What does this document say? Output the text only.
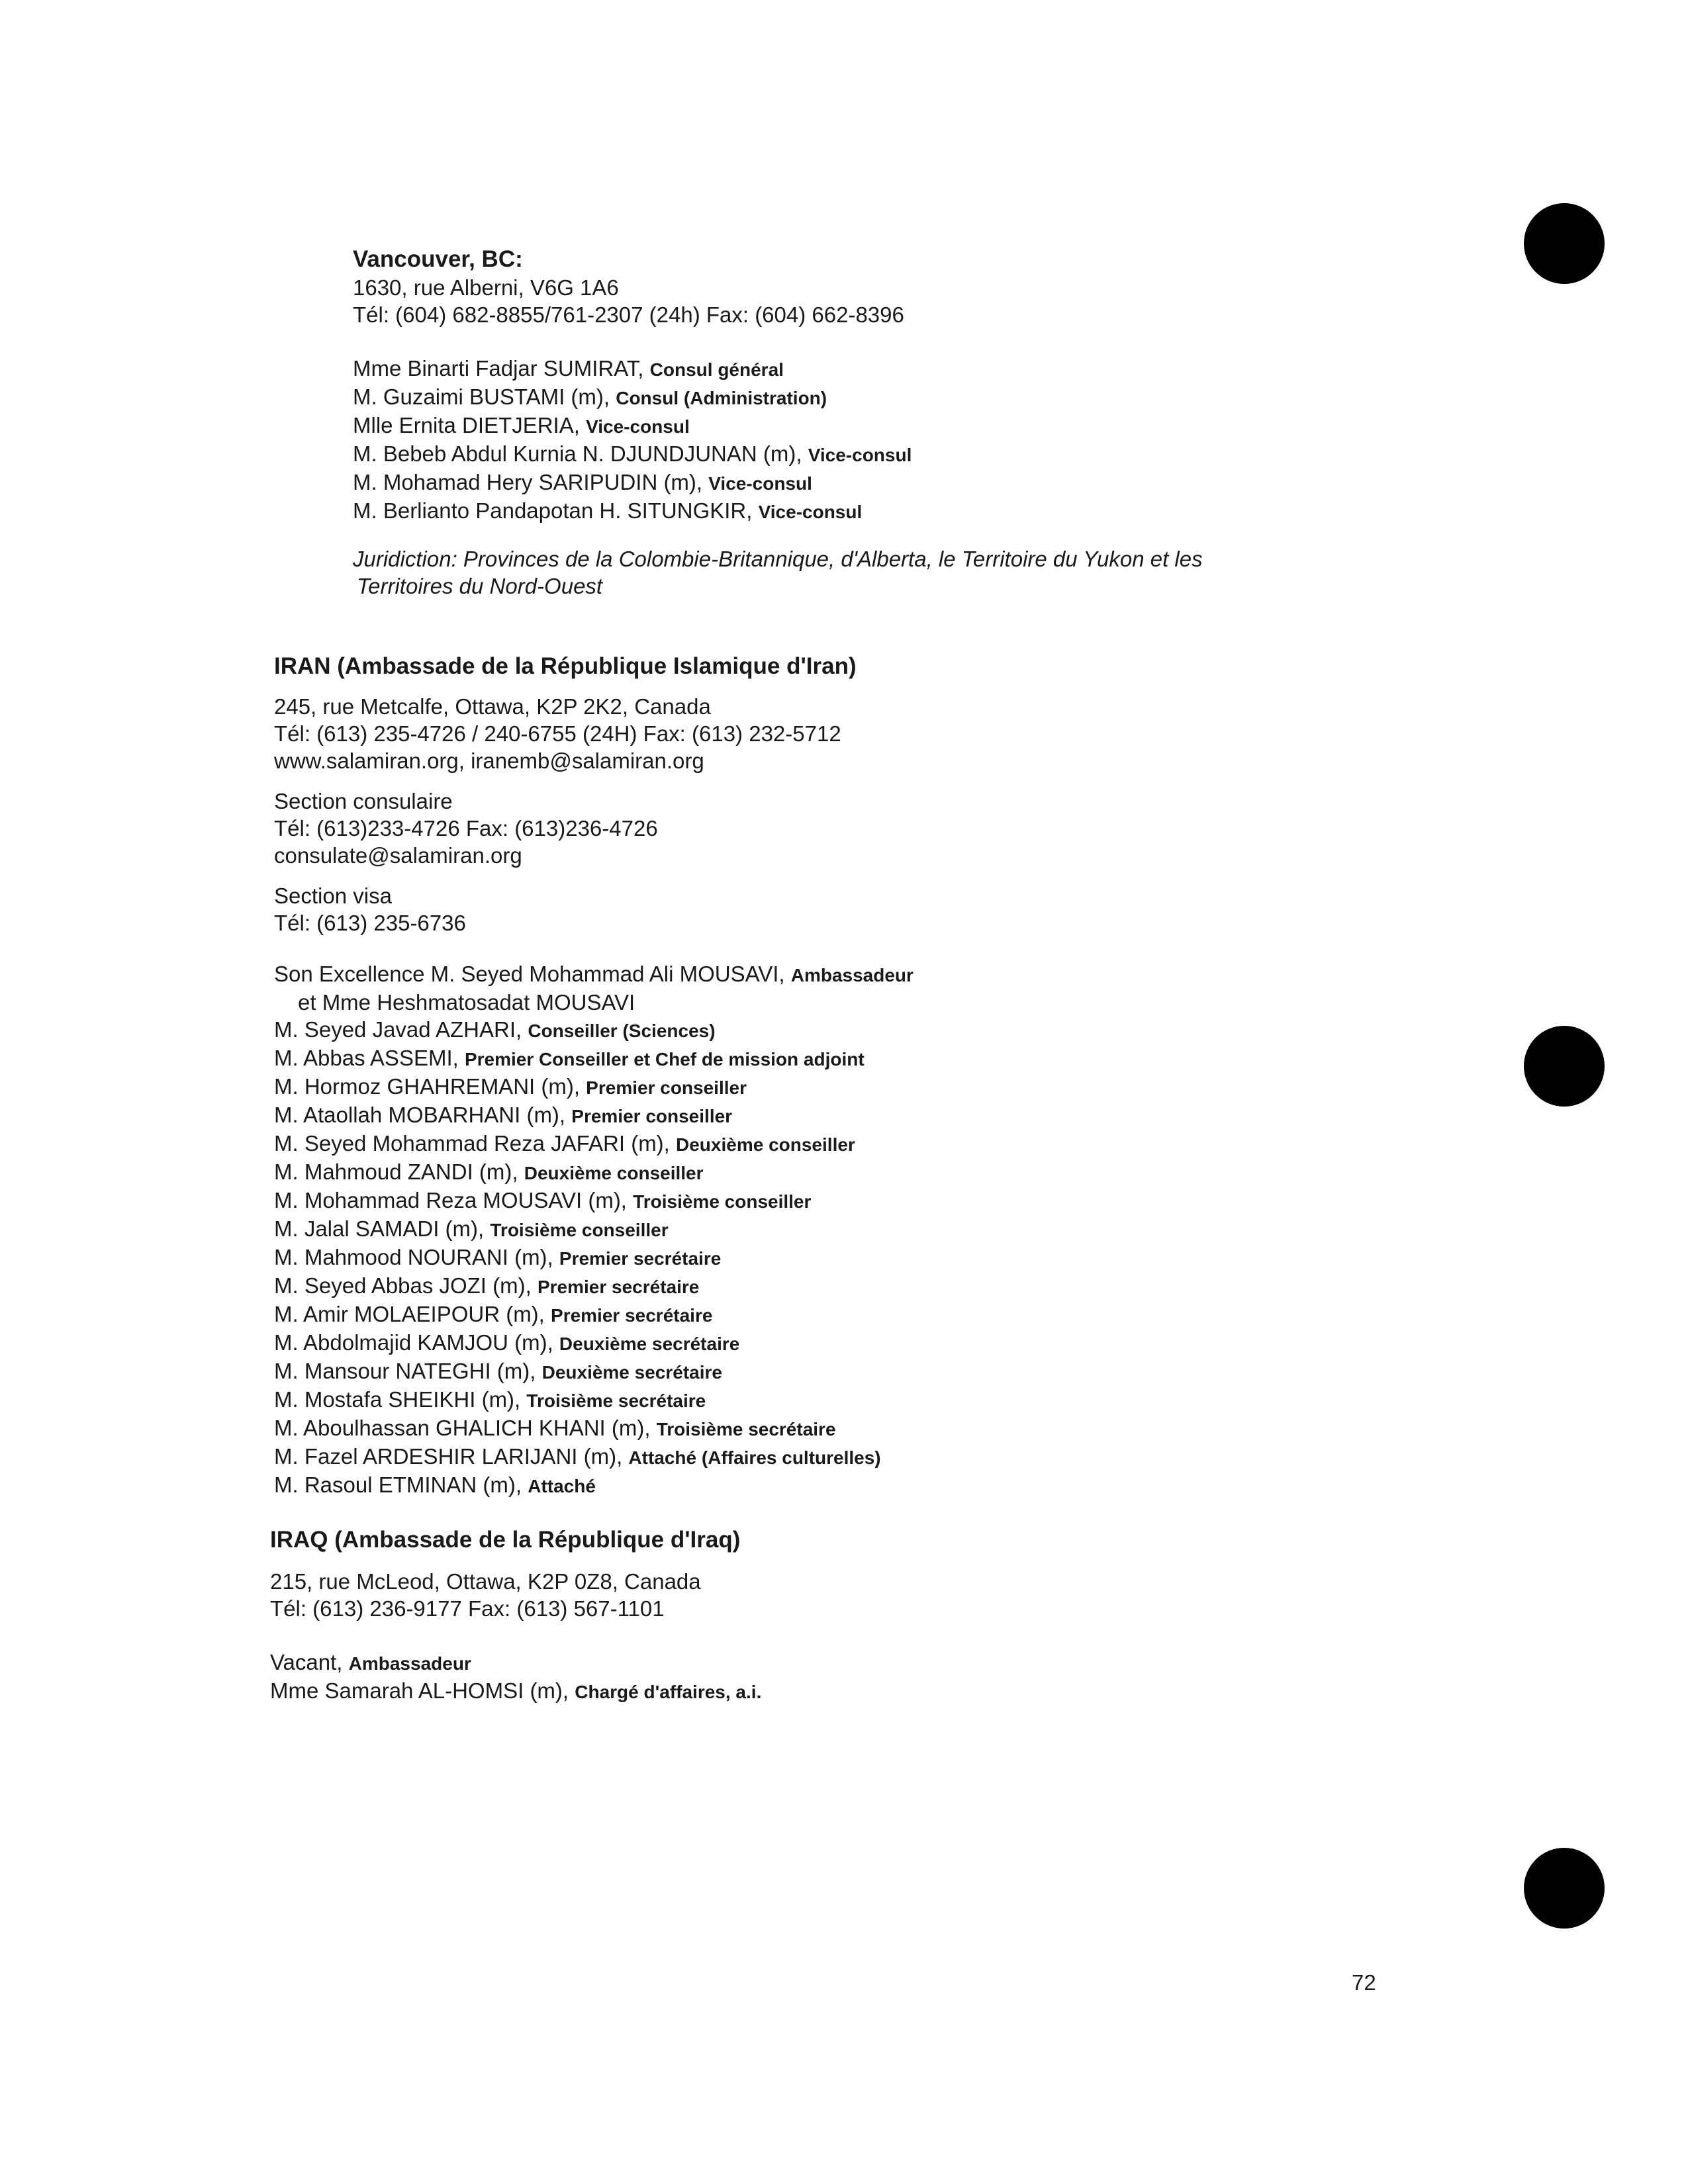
Vancouver, BC:
1630, rue Alberni, V6G 1A6
Tél: (604) 682-8855/761-2307 (24h) Fax: (604) 662-8396
Mme Binarti Fadjar SUMIRAT, Consul général
M. Guzaimi BUSTAMI (m), Consul (Administration)
Mlle Ernita DIETJERIA, Vice-consul
M. Bebeb Abdul Kurnia N. DJUNDJUNAN (m), Vice-consul
M. Mohamad Hery SARIPUDIN (m), Vice-consul
M. Berlianto Pandapotan H. SITUNGKIR, Vice-consul
Juridiction: Provinces de la Colombie-Britannique, d'Alberta, le Territoire du Yukon et les
Territoires du Nord-Ouest
IRAN (Ambassade de la République Islamique d'Iran)
245, rue Metcalfe, Ottawa, K2P 2K2, Canada
Tél: (613) 235-4726 / 240-6755 (24H) Fax: (613) 232-5712
www.salamiran.org, iranemb@salamiran.org
Section consulaire
Tél: (613)233-4726 Fax: (613)236-4726
consulate@salamiran.org
Section visa
Tél: (613) 235-6736
Son Excellence M. Seyed Mohammad Ali MOUSAVI, Ambassadeur
et Mme Heshmatosadat MOUSAVI
M. Seyed Javad AZHARI, Conseiller (Sciences)
M. Abbas ASSEMI, Premier Conseiller et Chef de mission adjoint
M. Hormoz GHAHREMANI (m), Premier conseiller
M. Ataollah MOBARHANI (m), Premier conseiller
M. Seyed Mohammad Reza JAFARI (m), Deuxième conseiller
M. Mahmoud ZANDI (m), Deuxième conseiller
M. Mohammad Reza MOUSAVI (m), Troisième conseiller
M. Jalal SAMADI (m), Troisième conseiller
M. Mahmood NOURANI (m), Premier secrétaire
M. Seyed Abbas JOZI (m), Premier secrétaire
M. Amir MOLAEIPOUR (m), Premier secrétaire
M. Abdolmajid KAMJOU (m), Deuxième secrétaire
M. Mansour NATEGHI (m), Deuxième secrétaire
M. Mostafa SHEIKHI (m), Troisième secrétaire
M. Aboulhassan GHALICH KHANI (m), Troisième secrétaire
M. Fazel ARDESHIR LARIJANI (m), Attaché (Affaires culturelles)
M. Rasoul ETMINAN (m), Attaché
IRAQ (Ambassade de la République d'Iraq)
215, rue McLeod, Ottawa, K2P 0Z8, Canada
Tél: (613) 236-9177 Fax: (613) 567-1101
Vacant, Ambassadeur
Mme Samarah AL-HOMSI (m), Chargé d'affaires, a.i.
72
